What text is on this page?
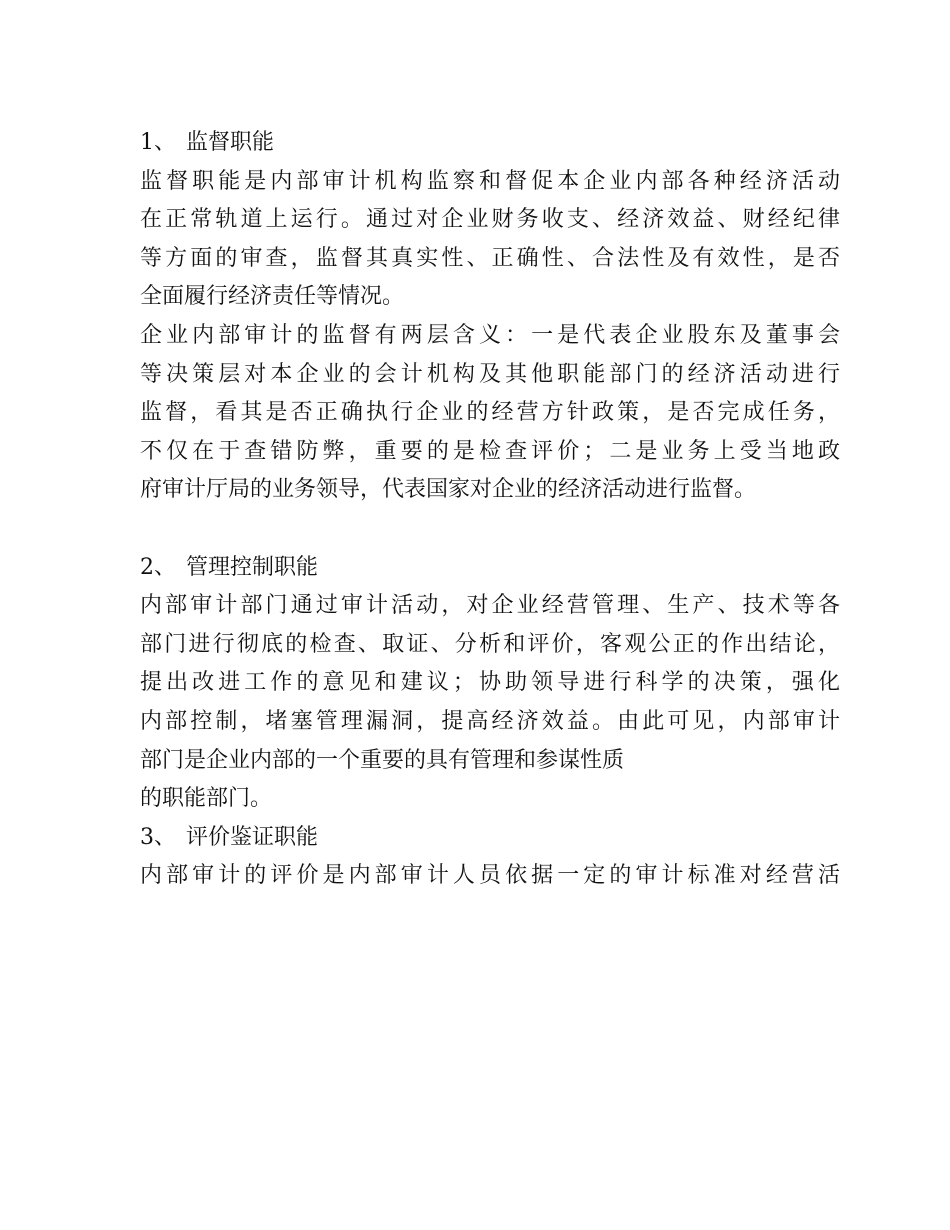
1、 监督职能
监督职能是内部审计机构监察和督促本企业内部各种经济活动
在正常轨道上运行。通过对企业财务收支、经济效益、财经纪律
等方面的审查，监督其真实性、正确性、合法性及有效性，是否
全面履行经济责任等情况。
企业内部审计的监督有两层含义：一是代表企业股东及董事会
等决策层对本企业的会计机构及其他职能部门的经济活动进行
监督，看其是否正确执行企业的经营方针政策，是否完成任务，
不仅在于查错防弊，重要的是检查评价；二是业务上受当地政
府审计厅局的业务领导，代表国家对企业的经济活动进行监督。
2、 管理控制职能
内部审计部门通过审计活动，对企业经营管理、生产、技术等各
部门进行彻底的检查、取证、分析和评价，客观公正的作出结论，
提出改进工作的意见和建议；协助领导进行科学的决策，强化
内部控制，堵塞管理漏洞，提高经济效益。由此可见，内部审计
部门是企业内部的一个重要的具有管理和参谋性质
的职能部门。
3、 评价鉴证职能
内部审计的评价是内部审计人员依据一定的审计标准对经营活
